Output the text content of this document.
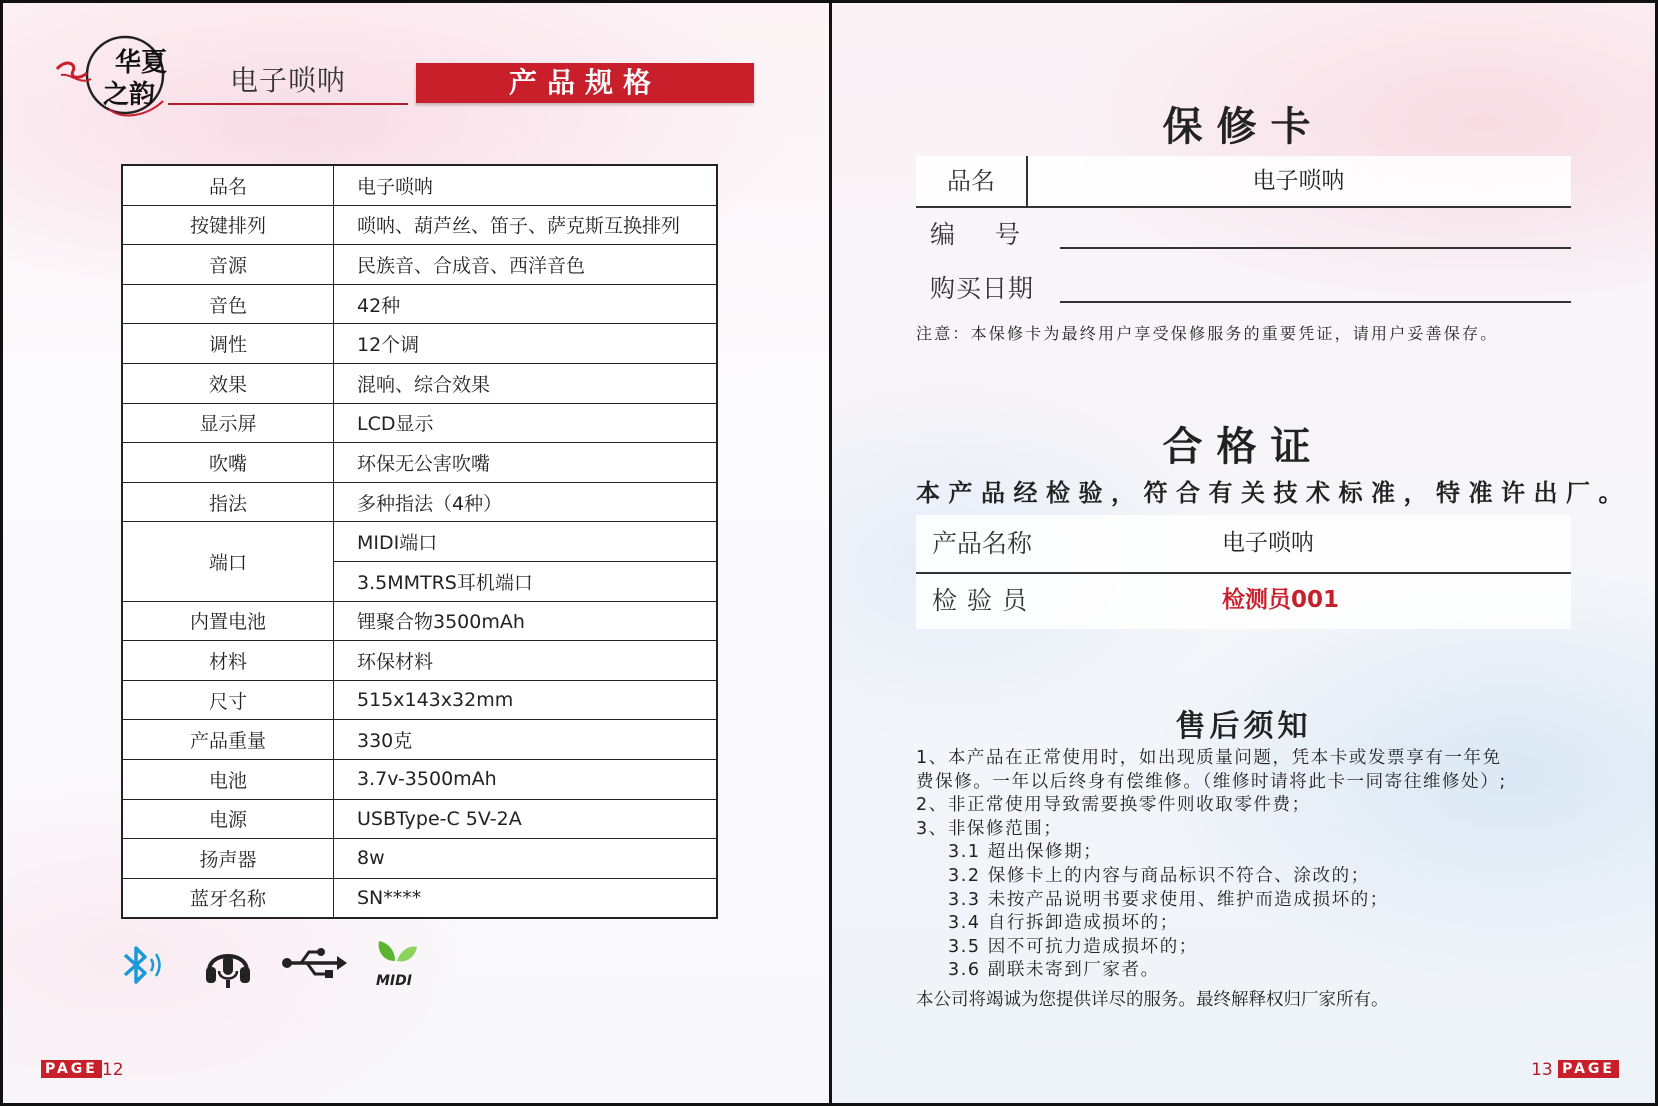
华夏
之韵	电子唢呐	产品规格
品名	电子唢呐
按键排列	唢呐、葫芦丝、笛子、萨克斯互换排列
音源	民族音、合成音、西洋音色
音色	42种
调性	12个调
效果	混响、综合效果
显示屏	LCD显示
吹嘴	环保无公害吹嘴
指法	多种指法（4种）
端口	MIDI端口
	3.5MMTRS耳机端口
内置电池	锂聚合物3500mAh
材料	环保材料
尺寸	515x143x32mm
产品重量	330克
电池	3.7v-3500mAh
电源	USBType-C 5V-2A
扬声器	8w
蓝牙名称	SN****
MIDI
PAGE 12
保修卡
品名	电子唢呐
编号
购买日期
注意：本保修卡为最终用户享受保修服务的重要凭证，请用户妥善保存。
合格证
本产品经检验，符合有关技术标准，特准许出厂。
产品名称	电子唢呐
检验员	检测员001
售后须知
1、本产品在正常使用时，如出现质量问题，凭本卡或发票享有一年免
费保修。一年以后终身有偿维修。（维修时请将此卡一同寄往维修处）;
2、非正常使用导致需要换零件则收取零件费；
3、非保修范围；
3.1 超出保修期；
3.2 保修卡上的内容与商品标识不符合、涂改的；
3.3 未按产品说明书要求使用、维护而造成损坏的；
3.4 自行拆卸造成损坏的；
3.5 因不可抗力造成损坏的；
3.6 副联未寄到厂家者。
本公司将竭诚为您提供详尽的服务。最终解释权归厂家所有。
13 PAGE
